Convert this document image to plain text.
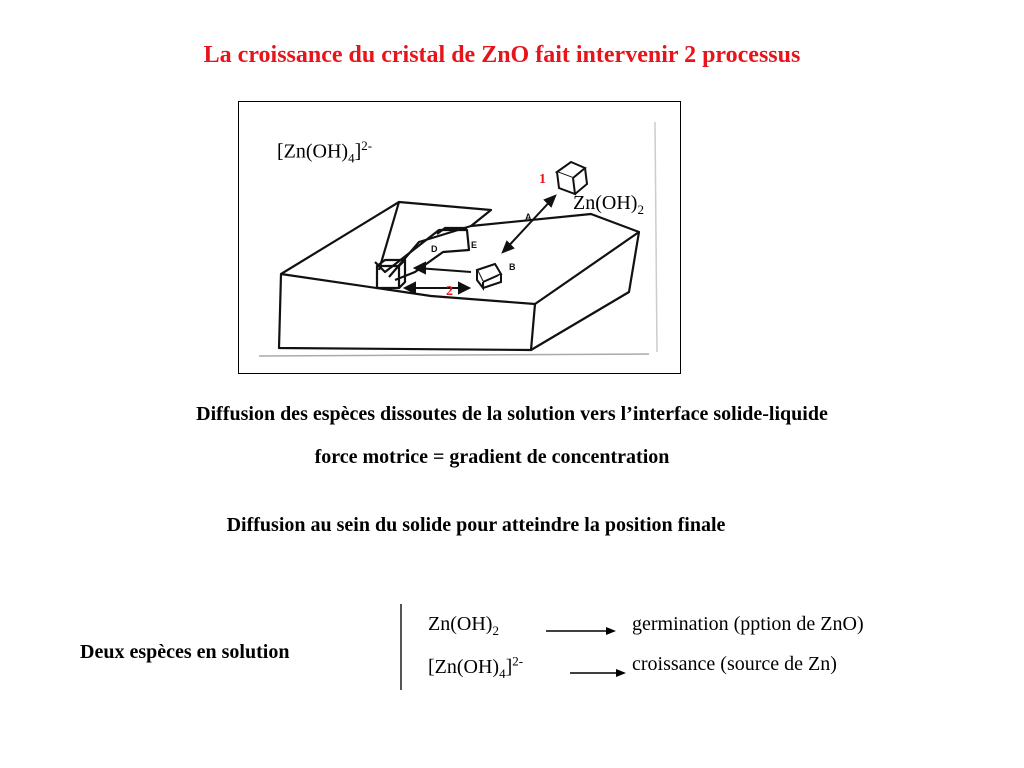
La croissance du cristal de ZnO fait intervenir 2 processus
A
B
D	E
$[Zn(OH)_4]^{2-}$
$Zn(OH)_2$
1
2
Diffusion des espèces dissoutes de la solution vers l’interface solide-liquide
force motrice = gradient de concentration
Diffusion au sein du solide pour atteindre la position finale
Deux espèces en solution
$Zn(OH)_2$	germination (pption de ZnO)
$[Zn(OH)_4]^{2-}$	croissance (source de Zn)
